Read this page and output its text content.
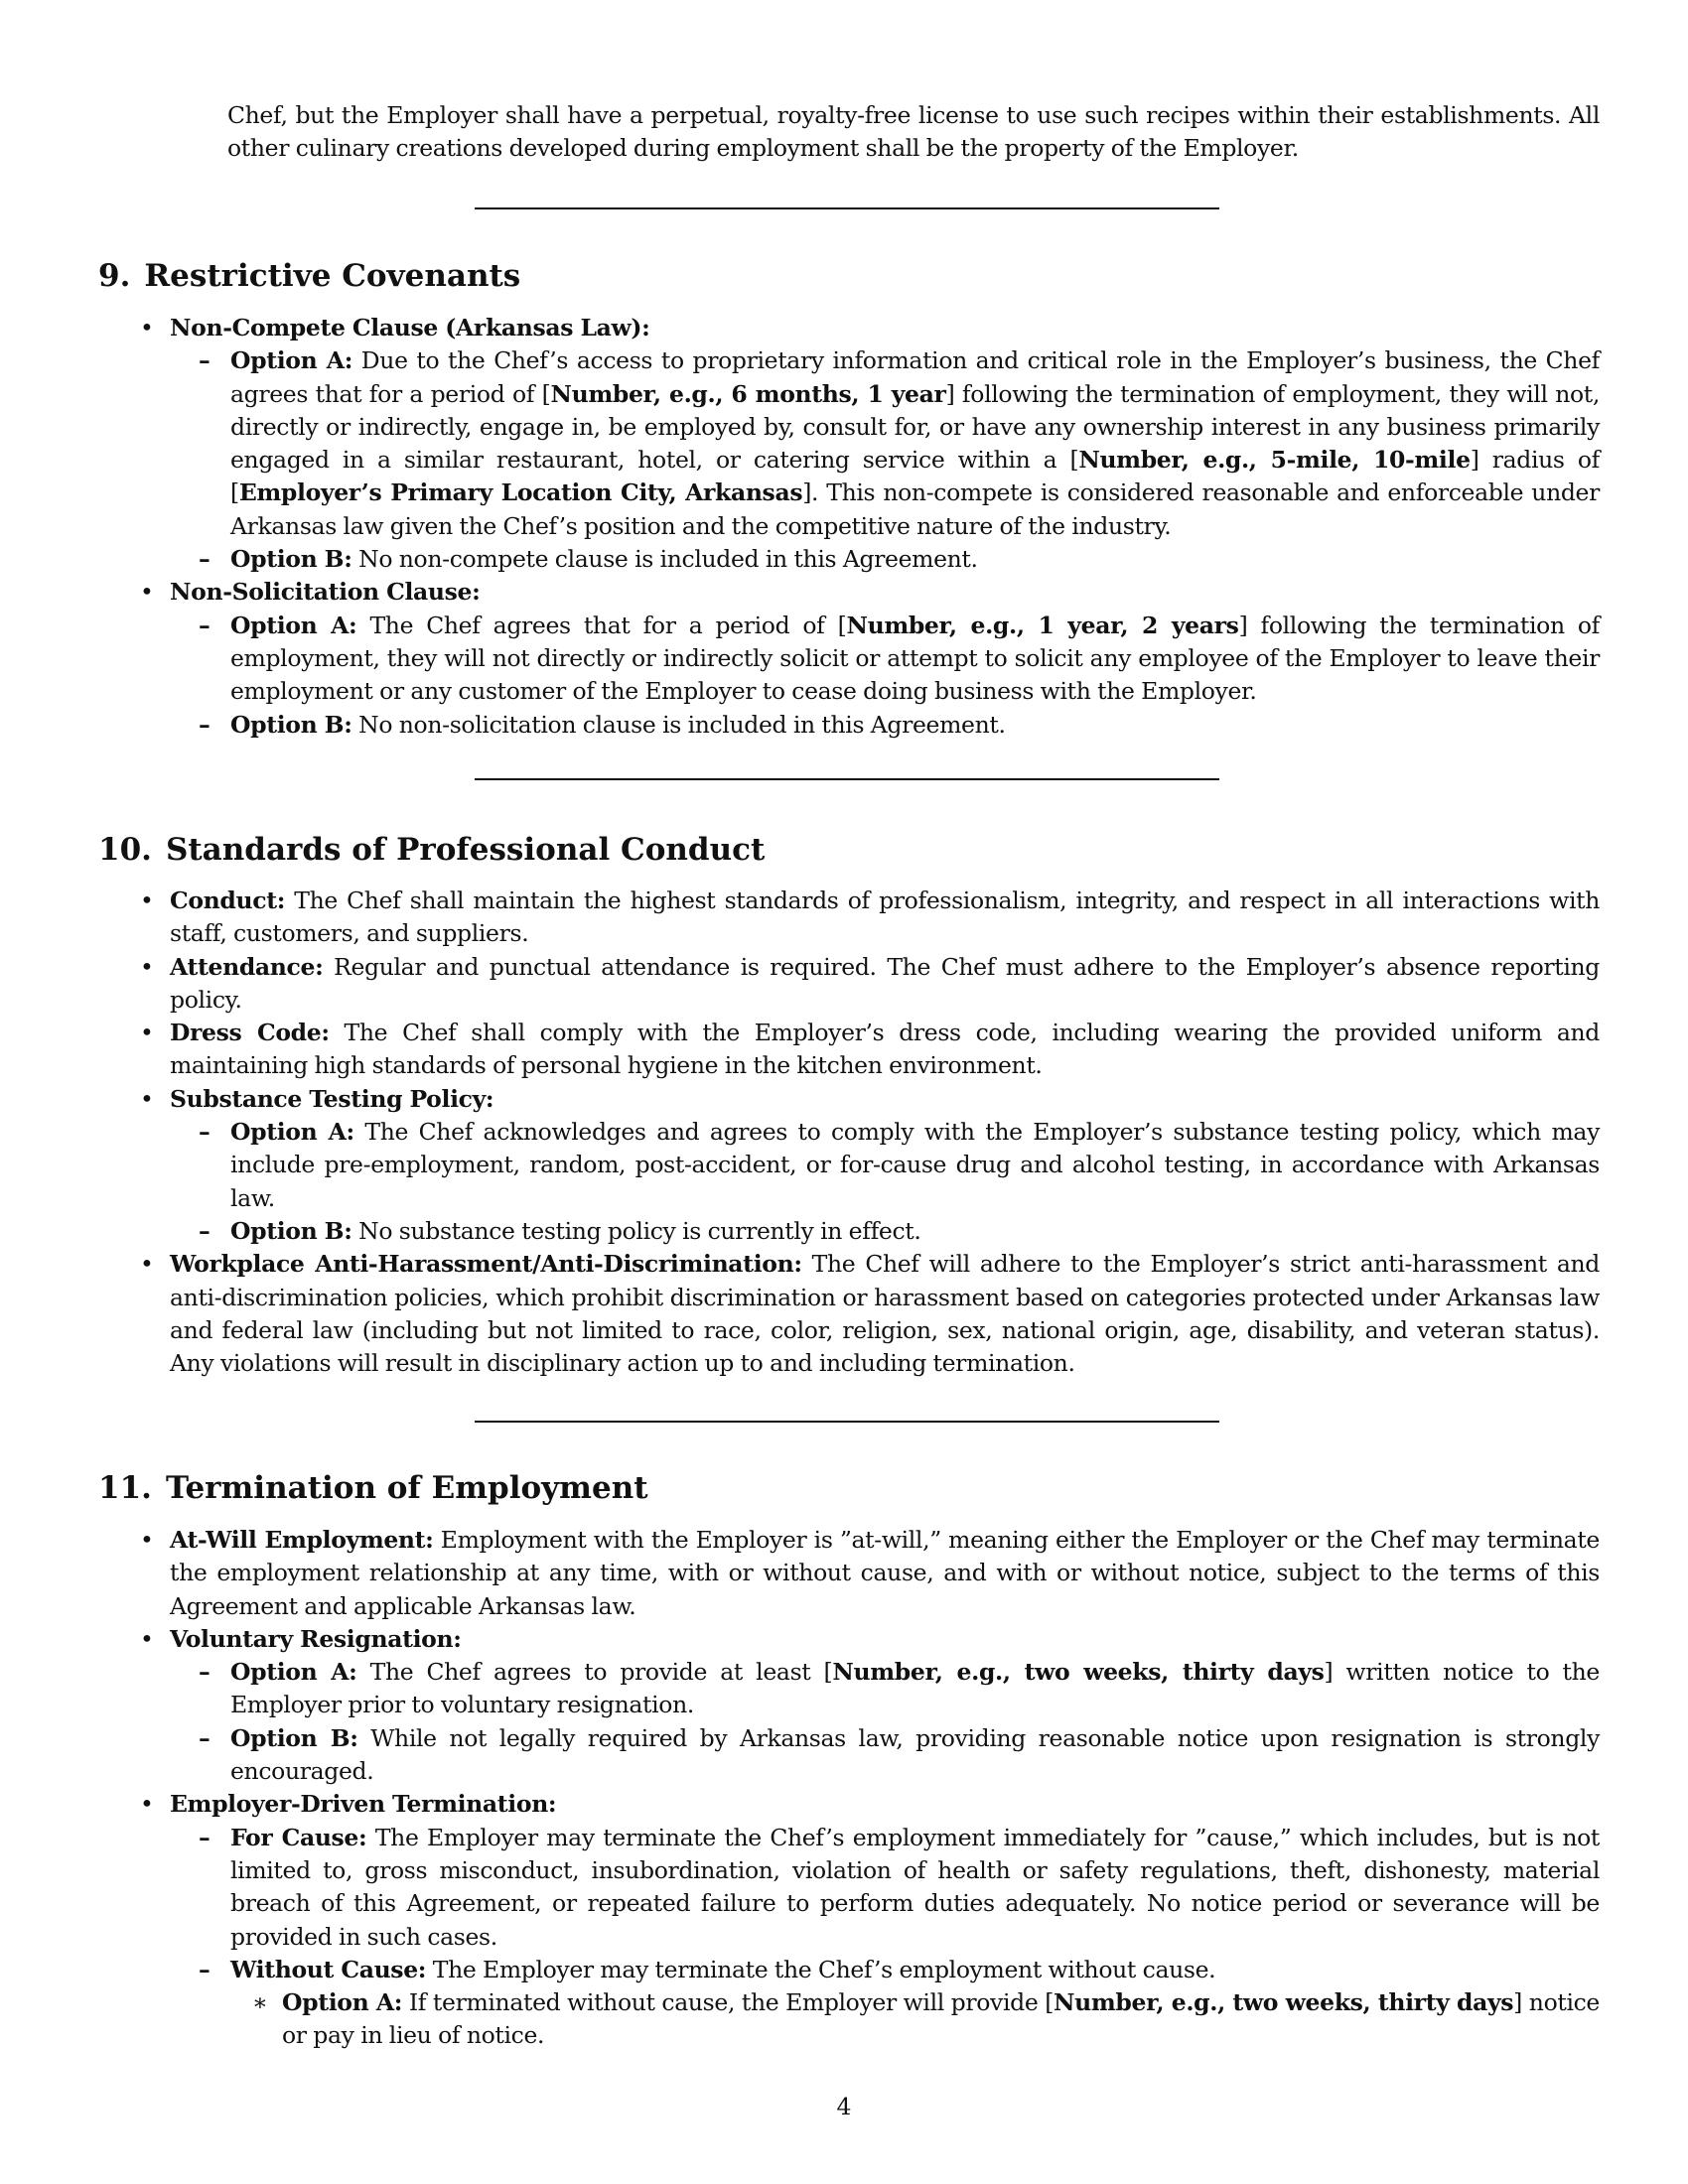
Chef, but the Employer shall have a perpetual, royalty-free license to use such recipes within their establishments. All other culinary creations developed during employment shall be the property of the Employer.

9. Restrictive Covenants
• Non-Compete Clause (Arkansas Law):
– Option A: Due to the Chef’s access to proprietary information and critical role in the Employer’s business, the Chef agrees that for a period of [Number, e.g., 6 months, 1 year] following the termination of employment, they will not, directly or indirectly, engage in, be employed by, consult for, or have any ownership interest in any business primarily engaged in a similar restaurant, hotel, or catering service within a [Number, e.g., 5-mile, 10-mile] radius of [Employer’s Primary Location City, Arkansas]. This non-compete is considered reasonable and enforceable under Arkansas law given the Chef’s position and the competitive nature of the industry.
– Option B: No non-compete clause is included in this Agreement.
• Non-Solicitation Clause:
– Option A: The Chef agrees that for a period of [Number, e.g., 1 year, 2 years] following the termination of employment, they will not directly or indirectly solicit or attempt to solicit any employee of the Employer to leave their employment or any customer of the Employer to cease doing business with the Employer.
– Option B: No non-solicitation clause is included in this Agreement.
10. Standards of Professional Conduct
• Conduct: The Chef shall maintain the highest standards of professionalism, integrity, and respect in all interactions with staff, customers, and suppliers.
• Attendance: Regular and punctual attendance is required. The Chef must adhere to the Employer’s absence reporting policy.
• Dress Code: The Chef shall comply with the Employer’s dress code, including wearing the provided uniform and maintaining high standards of personal hygiene in the kitchen environment.
• Substance Testing Policy:
– Option A: The Chef acknowledges and agrees to comply with the Employer’s substance testing policy, which may include pre-employment, random, post-accident, or for-cause drug and alcohol testing, in accordance with Arkansas law.
– Option B: No substance testing policy is currently in effect.
• Workplace Anti-Harassment/Anti-Discrimination: The Chef will adhere to the Employer’s strict anti-harassment and anti-discrimination policies, which prohibit discrimination or harassment based on categories protected under Arkansas law and federal law (including but not limited to race, color, religion, sex, national origin, age, disability, and veteran status). Any violations will result in disciplinary action up to and including termination.
11. Termination of Employment
• At-Will Employment: Employment with the Employer is ”at-will,” meaning either the Employer or the Chef may terminate the employment relationship at any time, with or without cause, and with or without notice, subject to the terms of this Agreement and applicable Arkansas law.
• Voluntary Resignation:
– Option A: The Chef agrees to provide at least [Number, e.g., two weeks, thirty days] written notice to the Employer prior to voluntary resignation.
– Option B: While not legally required by Arkansas law, providing reasonable notice upon resignation is strongly encouraged.
• Employer-Driven Termination:
– For Cause: The Employer may terminate the Chef’s employment immediately for ”cause,” which includes, but is not limited to, gross misconduct, insubordination, violation of health or safety regulations, theft, dishonesty, material breach of this Agreement, or repeated failure to perform duties adequately. No notice period or severance will be provided in such cases.
– Without Cause: The Employer may terminate the Chef’s employment without cause.
∗ Option A: If terminated without cause, the Employer will provide [Number, e.g., two weeks, thirty days] notice or pay in lieu of notice.
4
